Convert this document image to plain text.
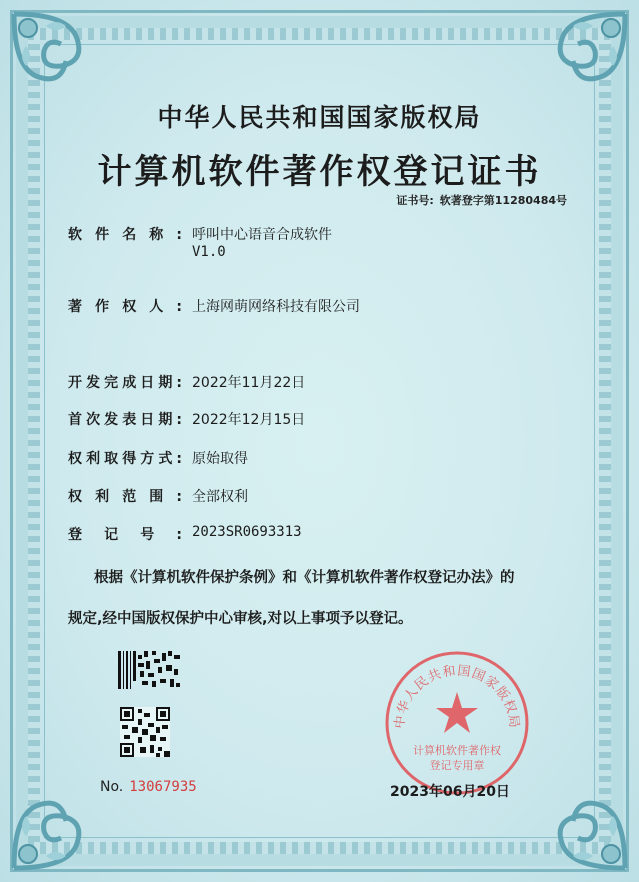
中华人民共和国国家版权局
计算机软件著作权登记证书
证书号: 软著登字第11280484号
软件名称: 呼叫中心语音合成软件
V1.0
著作权人: 上海网萌网络科技有限公司
开发完成日期: 2022年11月22日
首次发表日期: 2022年12月15日
权利取得方式: 原始取得
权利范围: 全部权利
登记号: 2023SR0693313
根据《计算机软件保护条例》和《计算机软件著作权登记办法》的
规定,经中国版权保护中心审核,对以上事项予以登记。
No. 13067935
中华人民共和国国家版权局
计算机软件著作权
登记专用章
2023年06月20日
